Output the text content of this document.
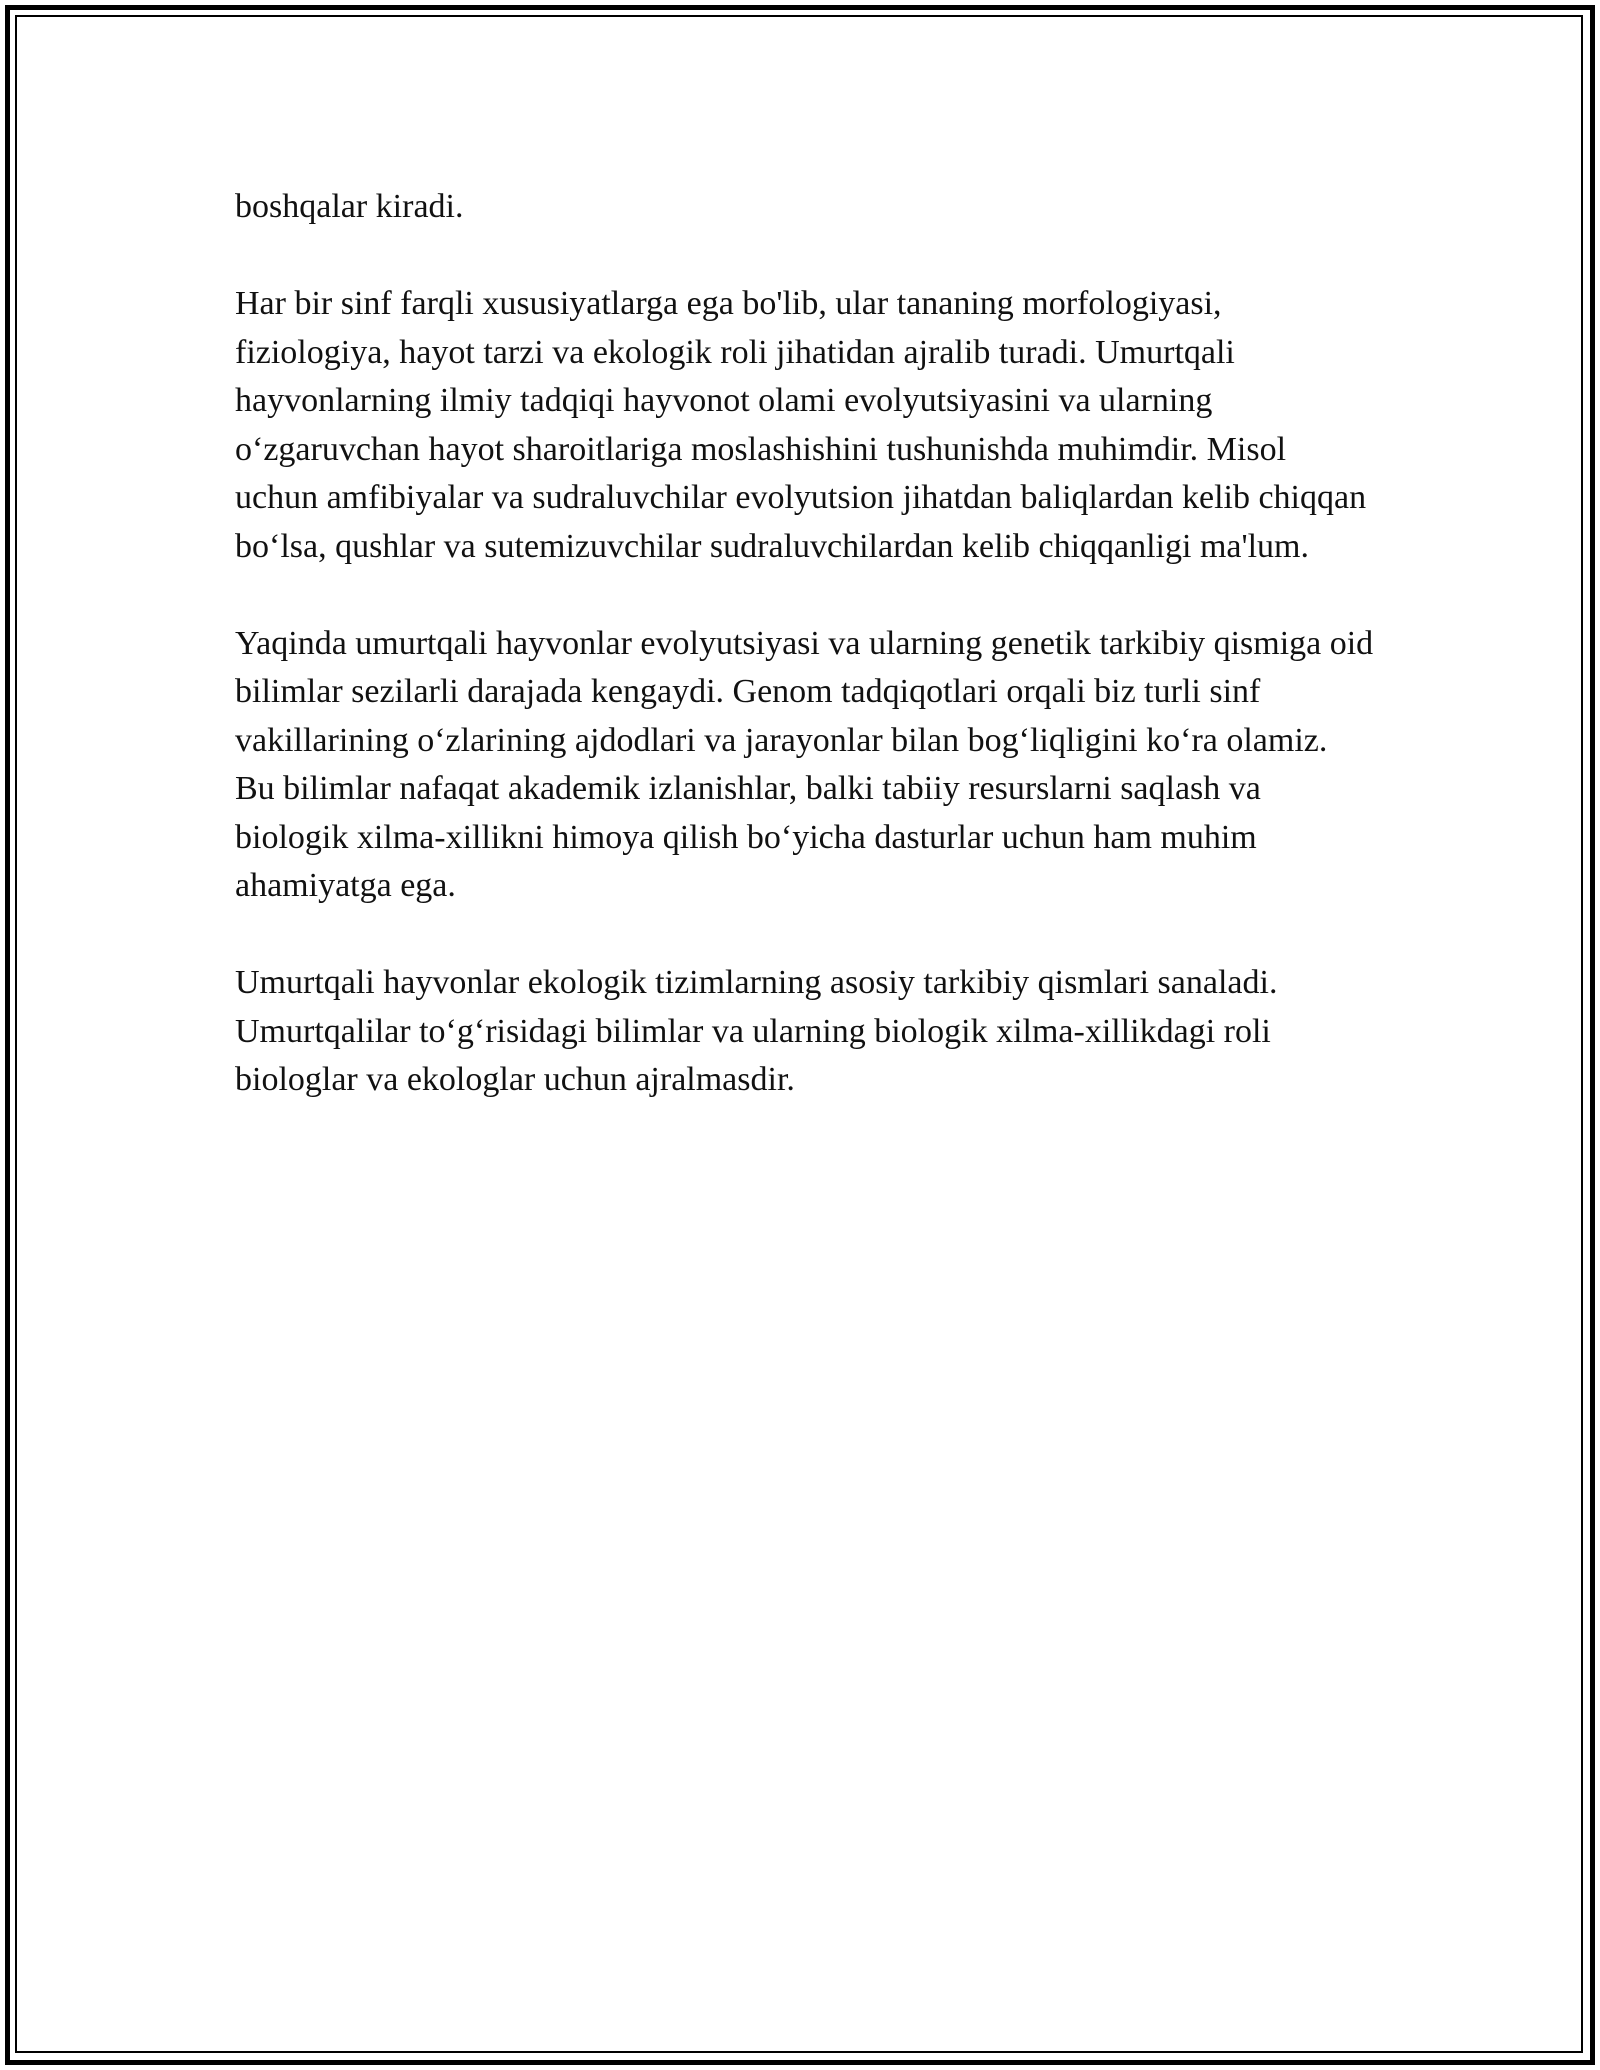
boshqalar kiradi.

Har bir sinf farqli xususiyatlarga ega bo'lib, ular tananing morfologiyasi, fiziologiya, hayot tarzi va ekologik roli jihatidan ajralib turadi. Umurtqali hayvonlarning ilmiy tadqiqi hayvonot olami evolyutsiyasini va ularning o‘zgaruvchan hayot sharoitlariga moslashishini tushunishda muhimdir. Misol uchun amfibiyalar va sudraluvchilar evolyutsion jihatdan baliqlardan kelib chiqqan bo‘lsa, qushlar va sutemizuvchilar sudraluvchilardan kelib chiqqanligi ma'lum.

Yaqinda umurtqali hayvonlar evolyutsiyasi va ularning genetik tarkibiy qismiga oid bilimlar sezilarli darajada kengaydi. Genom tadqiqotlari orqali biz turli sinf vakillarining o‘zlarining ajdodlari va jarayonlar bilan bog‘liqligini ko‘ra olamiz. Bu bilimlar nafaqat akademik izlanishlar, balki tabiiy resurslarni saqlash va biologik xilma-xillikni himoya qilish bo‘yicha dasturlar uchun ham muhim ahamiyatga ega.

Umurtqali hayvonlar ekologik tizimlarning asosiy tarkibiy qismlari sanaladi. Umurtqalilar to‘g‘risidagi bilimlar va ularning biologik xilma-xillikdagi roli biologlar va ekologlar uchun ajralmasdir.
